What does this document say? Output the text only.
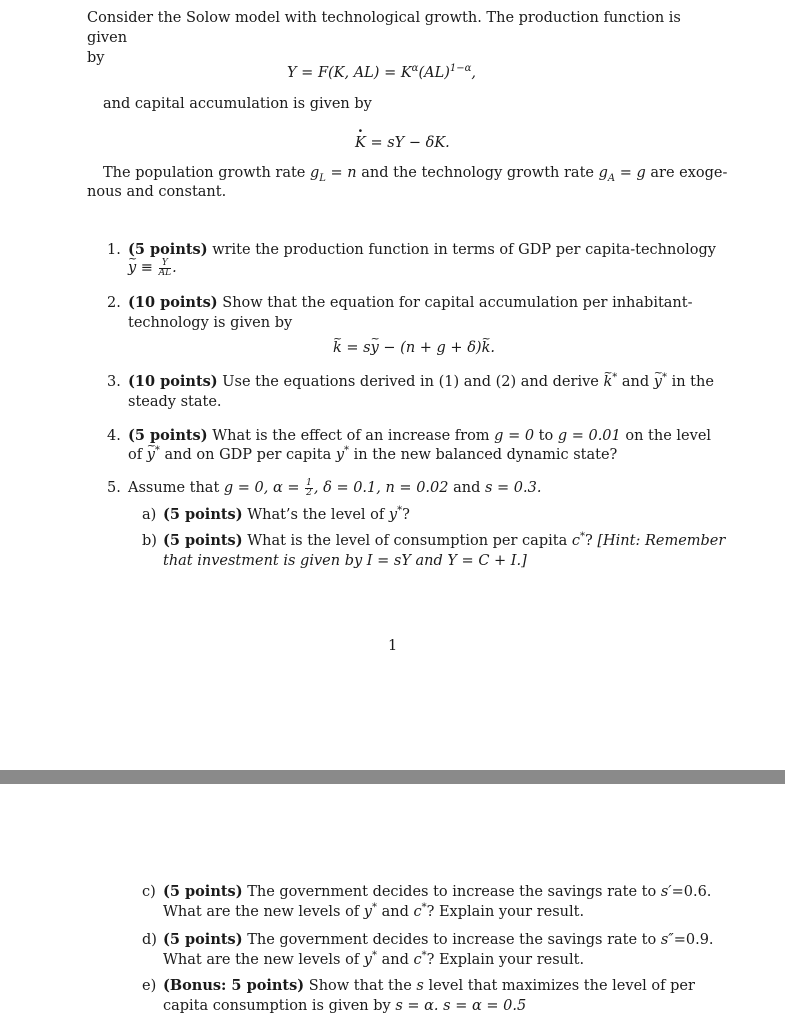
Consider the Solow model with technological growth. The production function is given
by
Y = F(K, $AL) = K^\alpha(AL)^{1-\alpha}$,
and capital accumulation is given by
· K = sY − δK.
The population growth rate $g_L = n$ and the technology growth rate $g_A = g$ are exoge-
nous and constant.
1. (5 points) write the production function in terms of GDP per capita-technology
~ $y \equiv \frac{Y}{AL}$ .
2. (10 points) Show that the equation for capital accumulation per inhabitant-
technology is given by
~ k = s~ y − (n + g + δ)~ k.
3. (10 points) Use the equations derived in (1) and (2) and derive ~ k* and ~ y* in the
steady state.
4. (5 points) What is the effect of an increase from g = 0 to g = 0.01 on the level
of ~ y* and on GDP per capita y* in the new balanced dynamic state?
5. Assume that g = 0, $\alpha = \frac{1}{2}$ , δ = 0.1, n = 0.02 and s = 0.3.
a) (5 points) What’s the level of y*?
b) (5 points) What is the level of consumption per capita c*? [Hint: Remember
that investment is given by I = sY and Y = C + I.]
1
c) (5 points) The government decides to increase the savings rate to s′=0.6.
What are the new levels of y* and c*? Explain your result.
d) (5 points) The government decides to increase the savings rate to s″=0.9.
What are the new levels of y* and c*? Explain your result.
e) (Bonus: 5 points) Show that the s level that maximizes the level of per
capita consumption is given by s = α. s = α = 0.5
